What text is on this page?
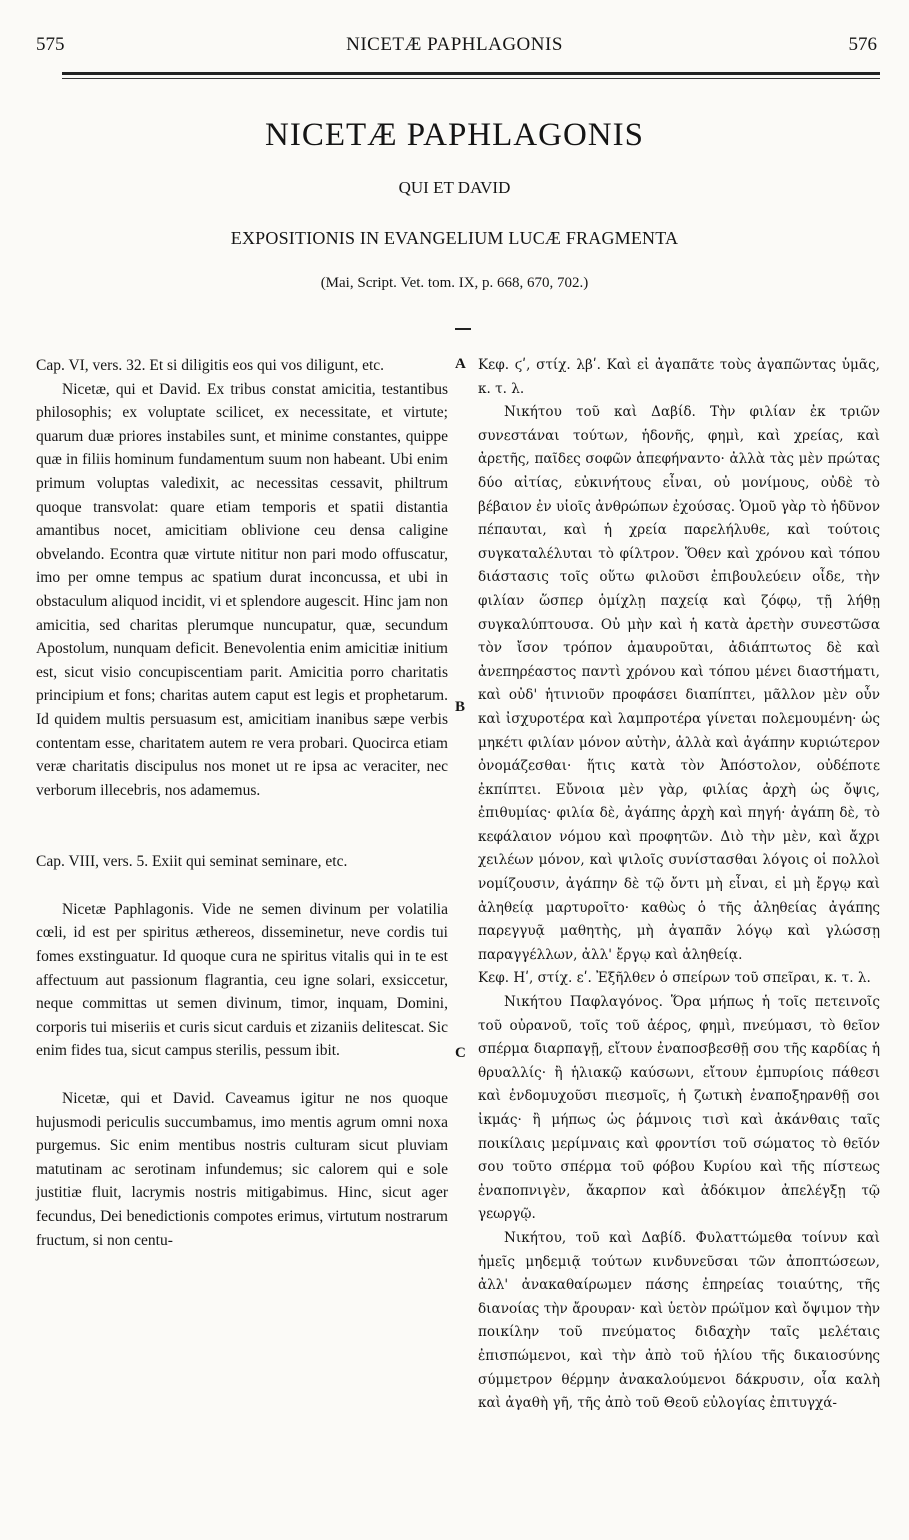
575	NICETÆ PAPHLAGONIS	576
NICETÆ PAPHLAGONIS
QUI ET DAVID
EXPOSITIONIS IN EVANGELIUM LUCÆ FRAGMENTA
(Mai, Script. Vet. tom. IX, p. 668, 670, 702.)
A
B
C

Cap. VI, vers. 32. Et si diligitis eos qui vos diligunt, etc.

Nicetæ, qui et David. Ex tribus constat amicitia, testantibus philosophis; ex voluptate scilicet, ex necessitate, et virtute; quarum duæ priores instabiles sunt, et minime constantes, quippe quæ in filiis hominum fundamentum suum non habeant. Ubi enim primum voluptas valedixit, ac necessitas cessavit, philtrum quoque transvolat: quare etiam temporis et spatii distantia amantibus nocet, amicitiam oblivione ceu densa caligine obvelando. Econtra quæ virtute nititur non pari modo offuscatur, imo per omne tempus ac spatium durat inconcussa, et ubi in obstaculum aliquod incidit, vi et splendore augescit. Hinc jam non amicitia, sed charitas plerumque nuncupatur, quæ, secundum Apostolum, nunquam deficit. Benevolentia enim amicitiæ initium est, sicut visio concupiscentiam parit. Amicitia porro charitatis principium et fons; charitas autem caput est legis et prophetarum. Id quidem multis persuasum est, amicitiam inanibus sæpe verbis contentam esse, charitatem autem re vera probari. Quocirca etiam veræ charitatis discipulus nos monet ut re ipsa ac veraciter, nec verborum illecebris, nos adamemus.

Cap. VIII, vers. 5. Exiit qui seminat seminare, etc.

Nicetæ Paphlagonis. Vide ne semen divinum per volatilia cœli, id est per spiritus æthereos, disseminetur, neve cordis tui fomes exstinguatur. Id quoque cura ne spiritus vitalis qui in te est affectuum aut passionum flagrantia, ceu igne solari, exsiccetur, neque committas ut semen divinum, timor, inquam, Domini, corporis tui miseriis et curis sicut carduis et zizaniis delitescat. Sic enim fides tua, sicut campus sterilis, pessum ibit.

Nicetæ, qui et David. Caveamus igitur ne nos quoque hujusmodi periculis succumbamus, imo mentis agrum omni noxa purgemus. Sic enim mentibus nostris culturam sicut pluviam matutinam ac serotinam infundemus; sic calorem qui e sole justitiæ fluit, lacrymis nostris mitigabimus. Hinc, sicut ager fecundus, Dei benedictionis compotes erimus, virtutum nostrarum fructum, si non centu-

Κεφ. ϛʹ, στίχ. λβʹ. Καὶ εἰ ἀγαπᾶτε τοὺς ἀγαπῶντας ὑμᾶς, κ. τ. λ.

Νικήτου τοῦ καὶ Δαβίδ. Τὴν φιλίαν ἐκ τριῶν συνεστάναι τούτων, ἡδονῆς, φημὶ, καὶ χρείας, καὶ ἀρετῆς, παῖδες σοφῶν ἀπεφήναντο· ἀλλὰ τὰς μὲν πρώτας δύο αἰτίας, εὐκινήτους εἶναι, οὐ μονίμους, οὐδὲ τὸ βέβαιον ἐν υἱοῖς ἀνθρώπων ἐχούσας. Ὁμοῦ γὰρ τὸ ἡδῦνον πέπαυται, καὶ ἡ χρεία παρελήλυθε, καὶ τούτοις συγκαταλέλυται τὸ φίλτρον. Ὅθεν καὶ χρόνου καὶ τόπου διάστασις τοῖς οὕτω φιλοῦσι ἐπιβουλεύειν οἶδε, τὴν φιλίαν ὥσπερ ὁμίχλῃ παχείᾳ καὶ ζόφῳ, τῇ λήθῃ συγκαλύπτουσα. Οὐ μὴν καὶ ἡ κατὰ ἀρετὴν συνεστῶσα τὸν ἴσον τρόπον ἀμαυροῦται, ἀδιάπτωτος δὲ καὶ ἀνεπηρέαστος παντὶ χρόνου καὶ τόπου μένει διαστήματι, καὶ οὐδ' ἡτινιοῦν προφάσει διαπίπτει, μᾶλλον μὲν οὖν καὶ ἰσχυροτέρα καὶ λαμπροτέρα γίνεται πολεμουμένη· ὡς μηκέτι φιλίαν μόνον αὐτὴν, ἀλλὰ καὶ ἀγάπην κυριώτερον ὀνομάζεσθαι· ἥτις κατὰ τὸν Ἀπόστολον, οὐδέποτε ἐκπίπτει. Εὔνοια μὲν γὰρ, φιλίας ἀρχὴ ὡς ὄψις, ἐπιθυμίας· φιλία δὲ, ἀγάπης ἀρχὴ καὶ πηγή· ἀγάπη δὲ, τὸ κεφάλαιον νόμου καὶ προφητῶν. Διὸ τὴν μὲν, καὶ ἄχρι χειλέων μόνον, καὶ ψιλοῖς συνίστασθαι λόγοις οἱ πολλοὶ νομίζουσιν, ἀγάπην δὲ τῷ ὄντι μὴ εἶναι, εἰ μὴ ἔργῳ καὶ ἀληθείᾳ μαρτυροῖτο· καθὼς ὁ τῆς ἀληθείας ἀγάπης παρεγγυᾷ μαθητὴς, μὴ ἀγαπᾶν λόγῳ καὶ γλώσσῃ παραγγέλλων, ἀλλ' ἔργῳ καὶ ἀληθείᾳ.

Κεφ. Ηʹ, στίχ. εʹ. Ἐξῆλθεν ὁ σπείρων τοῦ σπεῖραι, κ. τ. λ.

Νικήτου Παφλαγόνος. Ὅρα μήπως ἡ τοῖς πετεινοῖς τοῦ οὐρανοῦ, τοῖς τοῦ ἀέρος, φημὶ, πνεύμασι, τὸ θεῖον σπέρμα διαρπαγῇ, εἴτουν ἐναποσβεσθῇ σου τῆς καρδίας ἡ θρυαλλίς· ἢ ἡλιακῷ καύσωνι, εἴτουν ἐμπυρίοις πάθεσι καὶ ἐνδομυχοῦσι πιεσμοῖς, ἡ ζωτικὴ ἐναποξηρανθῇ σοι ἰκμάς· ἢ μήπως ὡς ῥάμνοις τισὶ καὶ ἀκάνθαις ταῖς ποικίλαις μερίμναις καὶ φροντίσι τοῦ σώματος τὸ θεῖόν σου τοῦτο σπέρμα τοῦ φόβου Κυρίου καὶ τῆς πίστεως ἐναποπνιγὲν, ἄκαρπον καὶ ἀδόκιμον ἀπελέγξῃ τῷ γεωργῷ.

Νικήτου, τοῦ καὶ Δαβίδ. Φυλαττώμεθα τοίνυν καὶ ἡμεῖς μηδεμιᾷ τούτων κινδυνεῦσαι τῶν ἀποπτώσεων, ἀλλ' ἀνακαθαίρωμεν πάσης ἐπηρείας τοιαύτης, τῆς διανοίας τὴν ἄρουραν· καὶ ὑετὸν πρώϊμον καὶ ὄψιμον τὴν ποικίλην τοῦ πνεύματος διδαχὴν ταῖς μελέταις ἐπισπώμενοι, καὶ τὴν ἀπὸ τοῦ ἡλίου τῆς δικαιοσύνης σύμμετρον θέρμην ἀνακαλούμενοι δάκρυσιν, οἷα καλὴ καὶ ἀγαθὴ γῆ, τῆς ἀπὸ τοῦ Θεοῦ εὐλογίας ἐπιτυγχά-
